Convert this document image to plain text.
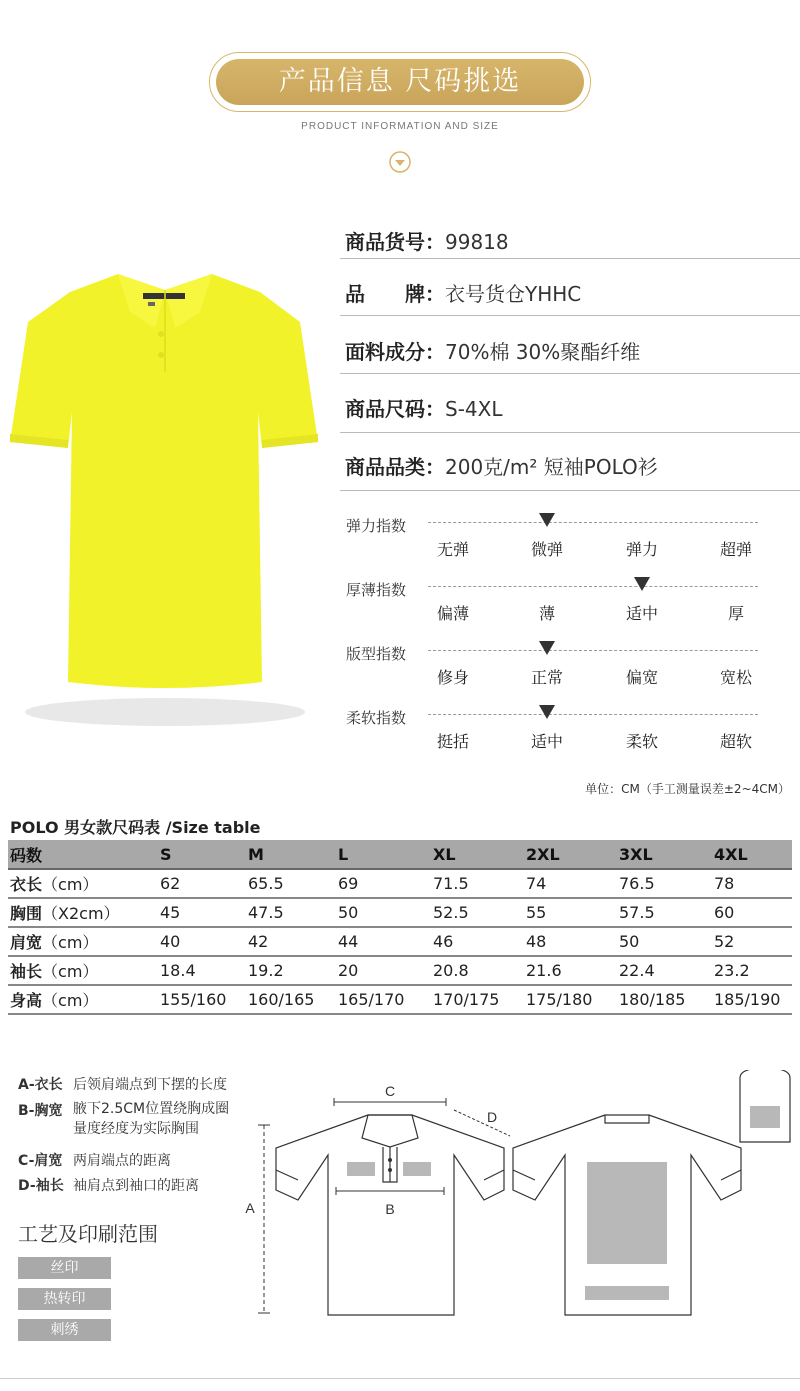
产品信息 尺码挑选
PRODUCT INFORMATION AND SIZE
商品货号：99818
品　　牌：衣号货仓YHHC
面料成分：70%棉 30%聚酯纤维
商品尺码：S-4XL
商品品类：200克/m² 短袖POLO衫
弹力指数
无弹	微弹	弹力	超弹
厚薄指数
偏薄	薄	适中	厚
版型指数
修身	正常	偏宽	宽松
柔软指数
挺括	适中	柔软	超软
单位：CM（手工测量误差±2~4CM）
POLO 男女款尺码表 /Size table
码数	S	M	L	XL	2XL	3XL	4XL
衣长（cm）	62	65.5	69	71.5	74	76.5	78
胸围（X2cm）	45	47.5	50	52.5	55	57.5	60
肩宽（cm）	40	42	44	46	48	50	52
袖长（cm）	18.4	19.2	20	20.8	21.6	22.4	23.2
身高（cm）	155/160	160/165	165/170	170/175	175/180	180/185	185/190
A-衣长 后领肩端点到下摆的长度
B-胸宽 腋下2.5CM位置绕胸成圈
量度经度为实际胸围
C-肩宽 两肩端点的距离
D-袖长 袖肩点到袖口的距离
工艺及印刷范围
丝印
热转印
刺绣
C
B
A
D
